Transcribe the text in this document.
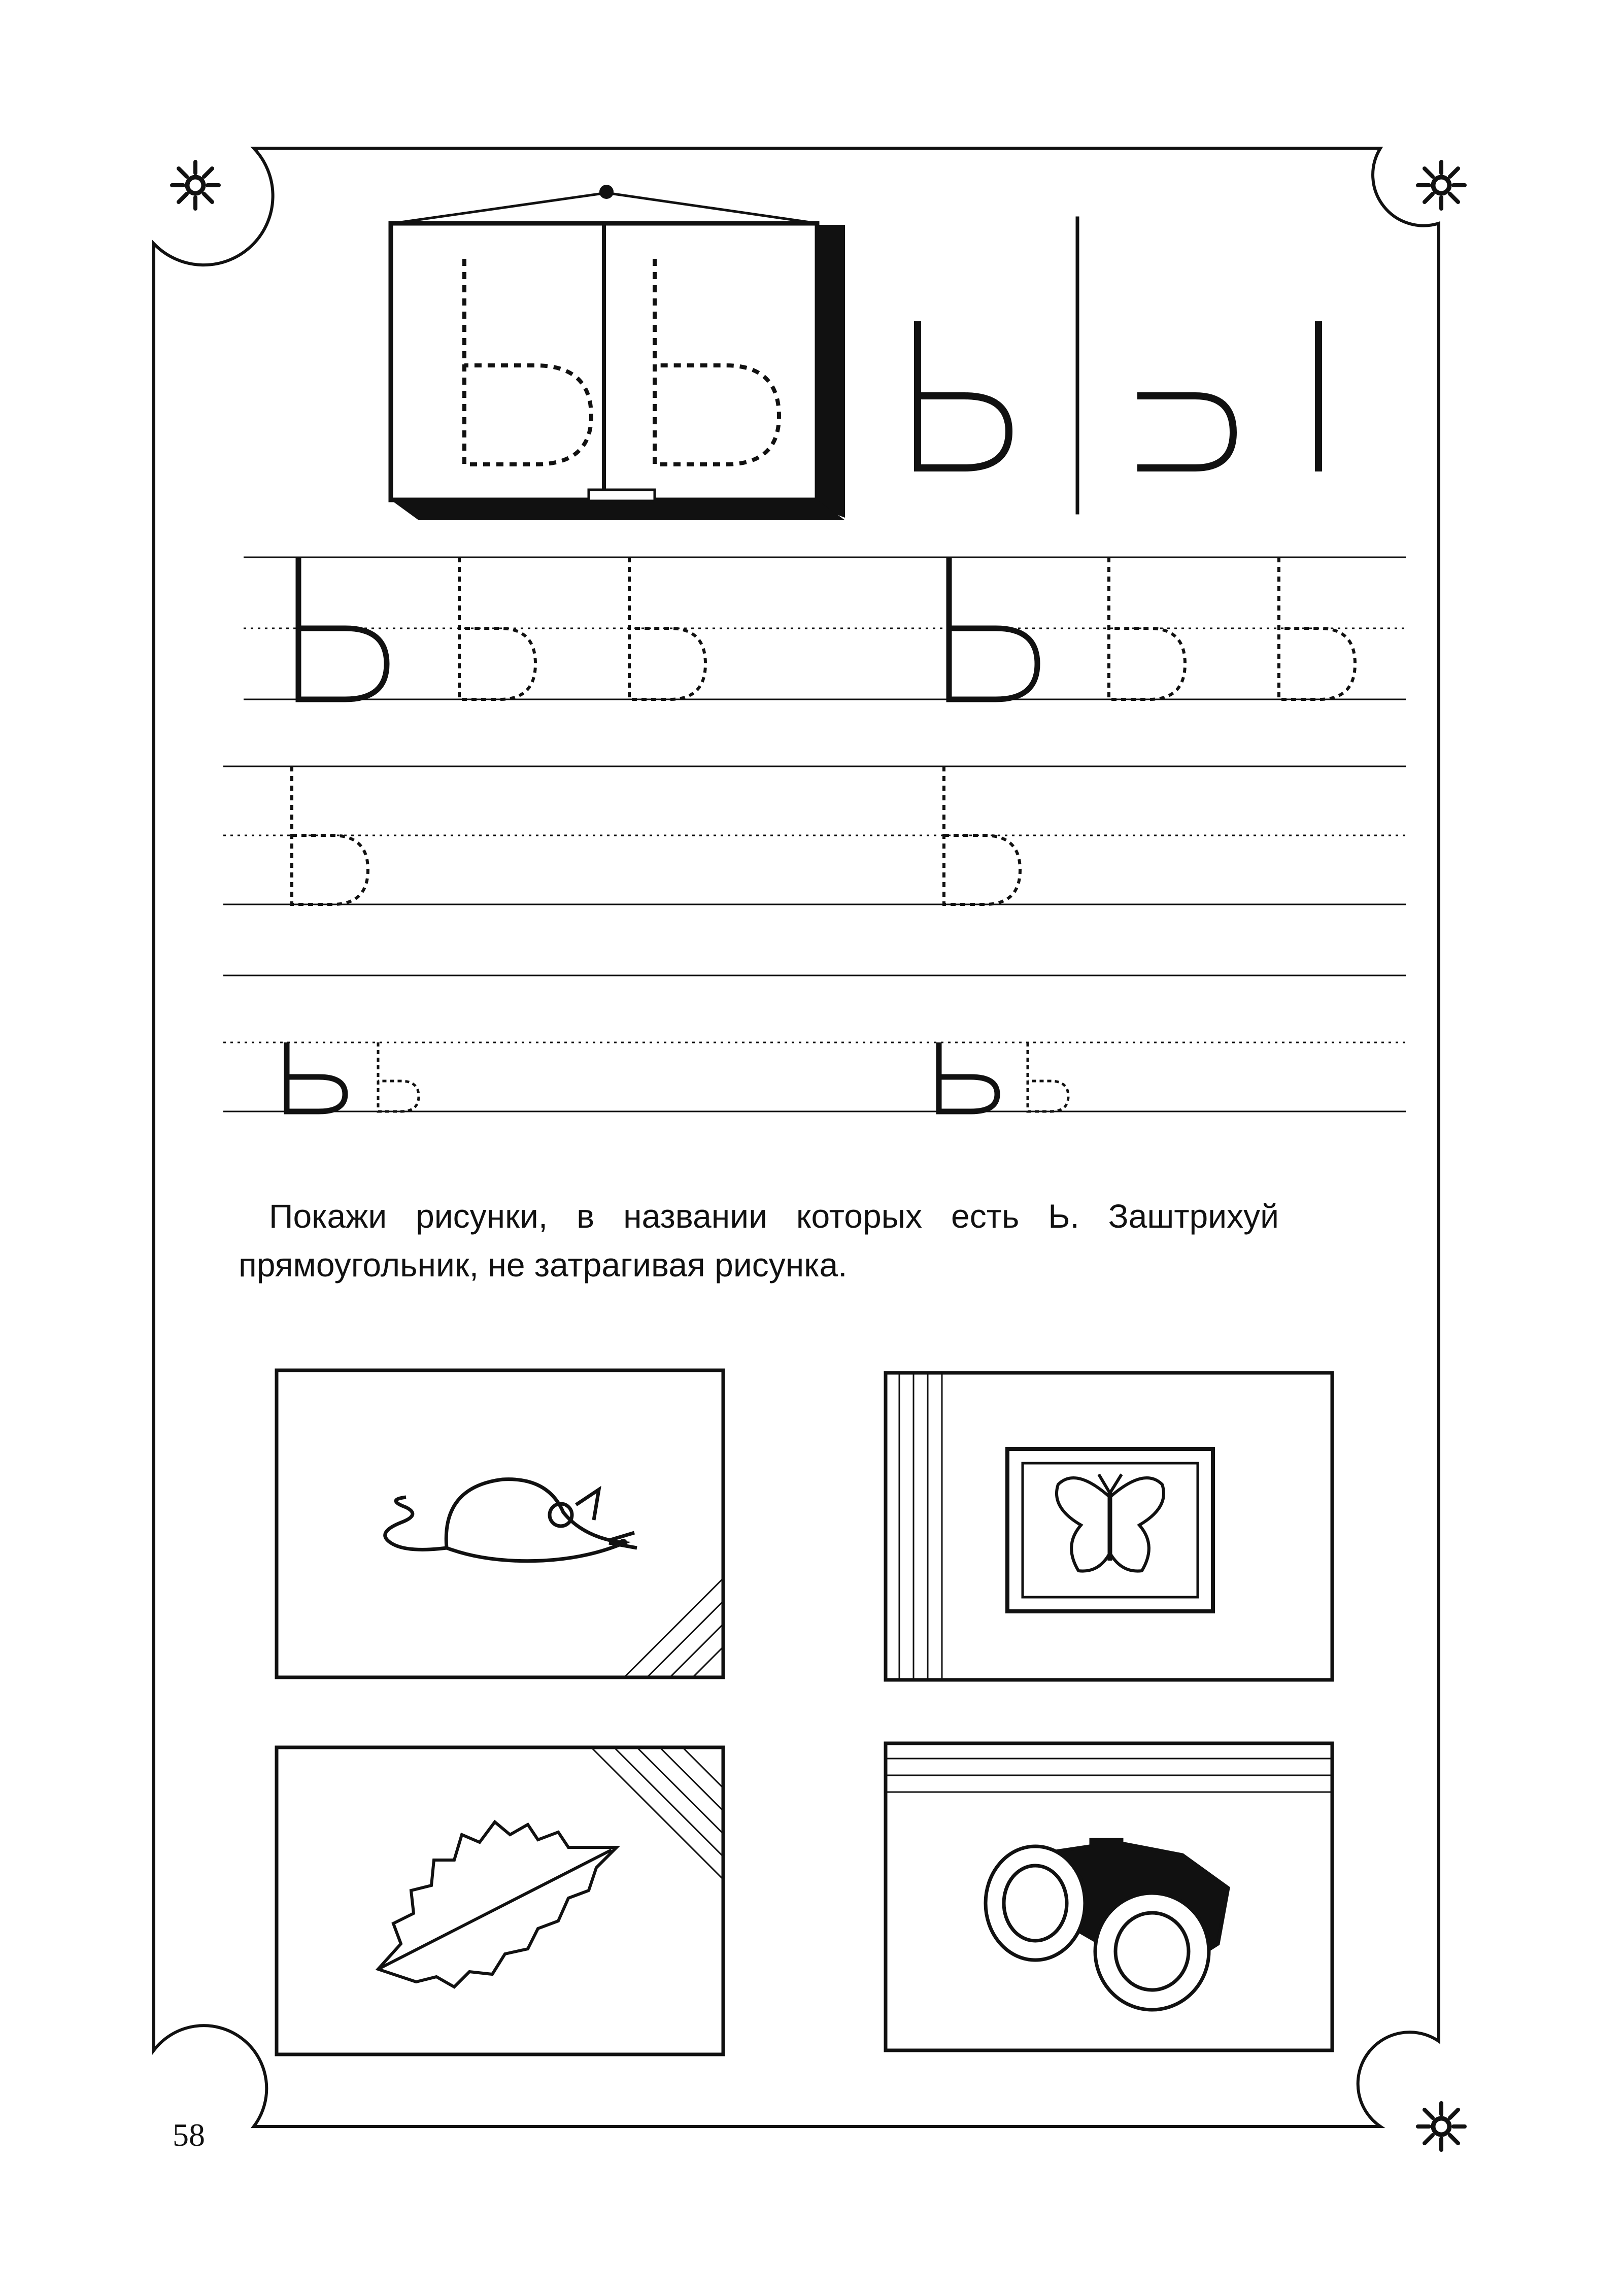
Покажи рисунки, в названии которых есть Ь. Заштрихуй

прямоугольник, не затрагивая рисунка.

58
